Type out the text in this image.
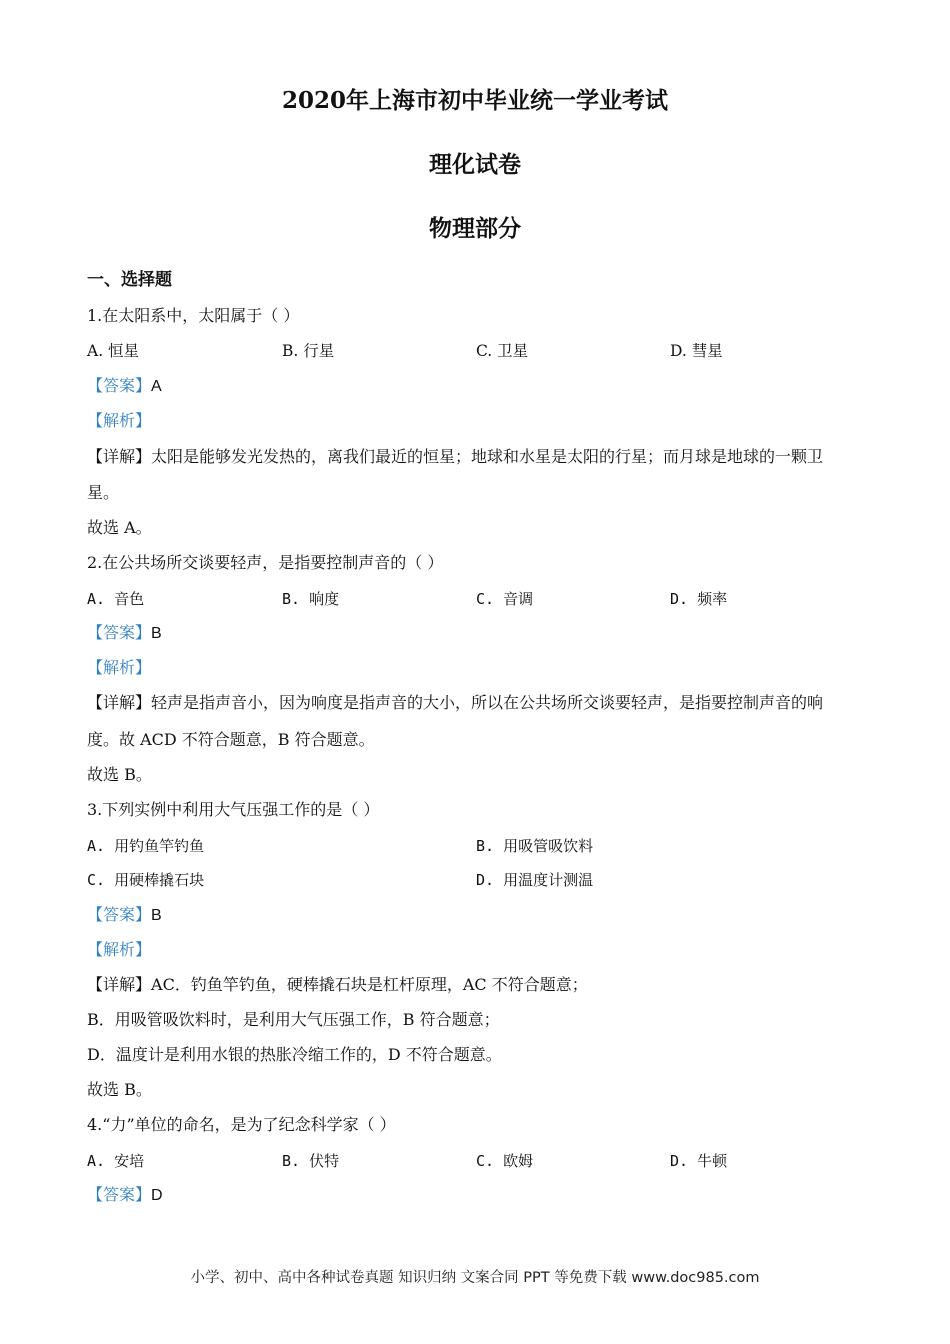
2020年上海市初中毕业统一学业考试
理化试卷
物理部分
一、选择题
1.在太阳系中，太阳属于（ ）
A. 恒星	B. 行星	C. 卫星	D. 彗星
【答案】A
【解析】
【详解】太阳是能够发光发热的，离我们最近的恒星；地球和水星是太阳的行星；而月球是地球的一颗卫
星。
故选 A。
2.在公共场所交谈要轻声，是指要控制声音的（ ）
A. 音色	B. 响度	C. 音调	D. 频率
【答案】B
【解析】
【详解】轻声是指声音小，因为响度是指声音的大小，所以在公共场所交谈要轻声，是指要控制声音的响
度。故 ACD 不符合题意，B 符合题意。
故选 B。
3.下列实例中利用大气压强工作的是（ ）
A. 用钓鱼竿钓鱼	B. 用吸管吸饮料
C. 用硬棒撬石块	D. 用温度计测温
【答案】B
【解析】
【详解】AC．钓鱼竿钓鱼，硬棒撬石块是杠杆原理，AC 不符合题意；
B．用吸管吸饮料时，是利用大气压强工作，B 符合题意；
D．温度计是利用水银的热胀冷缩工作的，D 不符合题意。
故选 B。
4.“力”单位的命名，是为了纪念科学家（ ）
A. 安培	B. 伏特	C. 欧姆	D. 牛顿
【答案】D
小学、初中、高中各种试卷真题 知识归纳 文案合同 PPT 等免费下载 www.doc985.com
